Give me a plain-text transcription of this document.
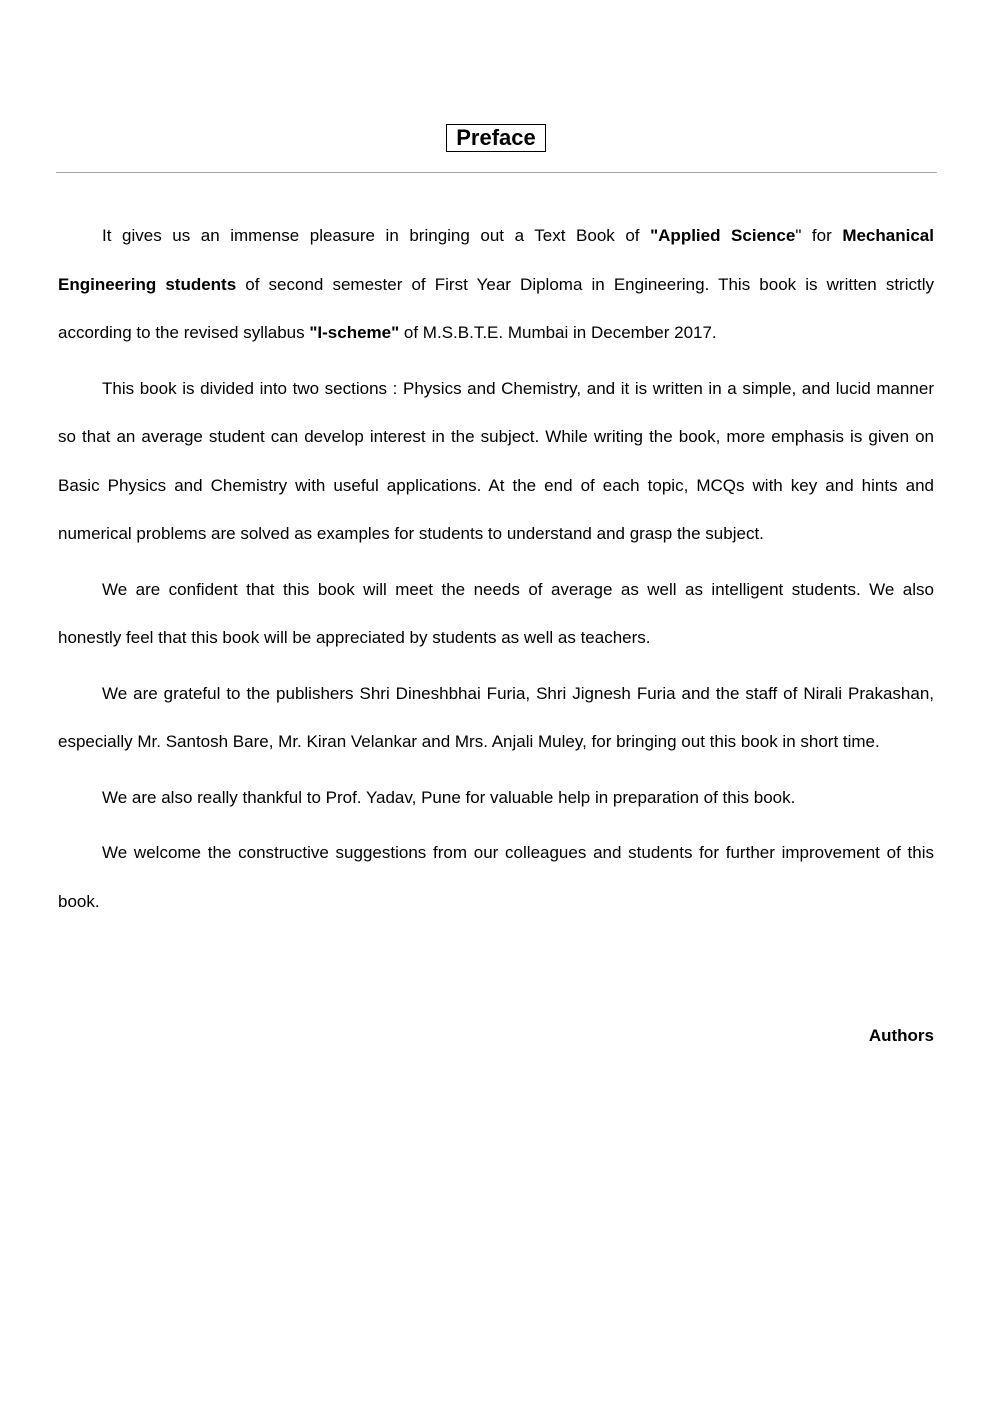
Preface

It gives us an immense pleasure in bringing out a Text Book of "Applied Science" for Mechanical Engineering students of second semester of First Year Diploma in Engineering. This book is written strictly according to the revised syllabus "I-scheme" of M.S.B.T.E. Mumbai in December 2017.

This book is divided into two sections : Physics and Chemistry, and it is written in a simple, and lucid manner so that an average student can develop interest in the subject. While writing the book, more emphasis is given on Basic Physics and Chemistry with useful applications. At the end of each topic, MCQs with key and hints and numerical problems are solved as examples for students to understand and grasp the subject.

We are confident that this book will meet the needs of average as well as intelligent students. We also honestly feel that this book will be appreciated by students as well as teachers.

We are grateful to the publishers Shri Dineshbhai Furia, Shri Jignesh Furia and the staff of Nirali Prakashan, especially Mr. Santosh Bare, Mr. Kiran Velankar and Mrs. Anjali Muley, for bringing out this book in short time.

We are also really thankful to Prof. Yadav, Pune for valuable help in preparation of this book.

We welcome the constructive suggestions from our colleagues and students for further improvement of this book.

Authors
